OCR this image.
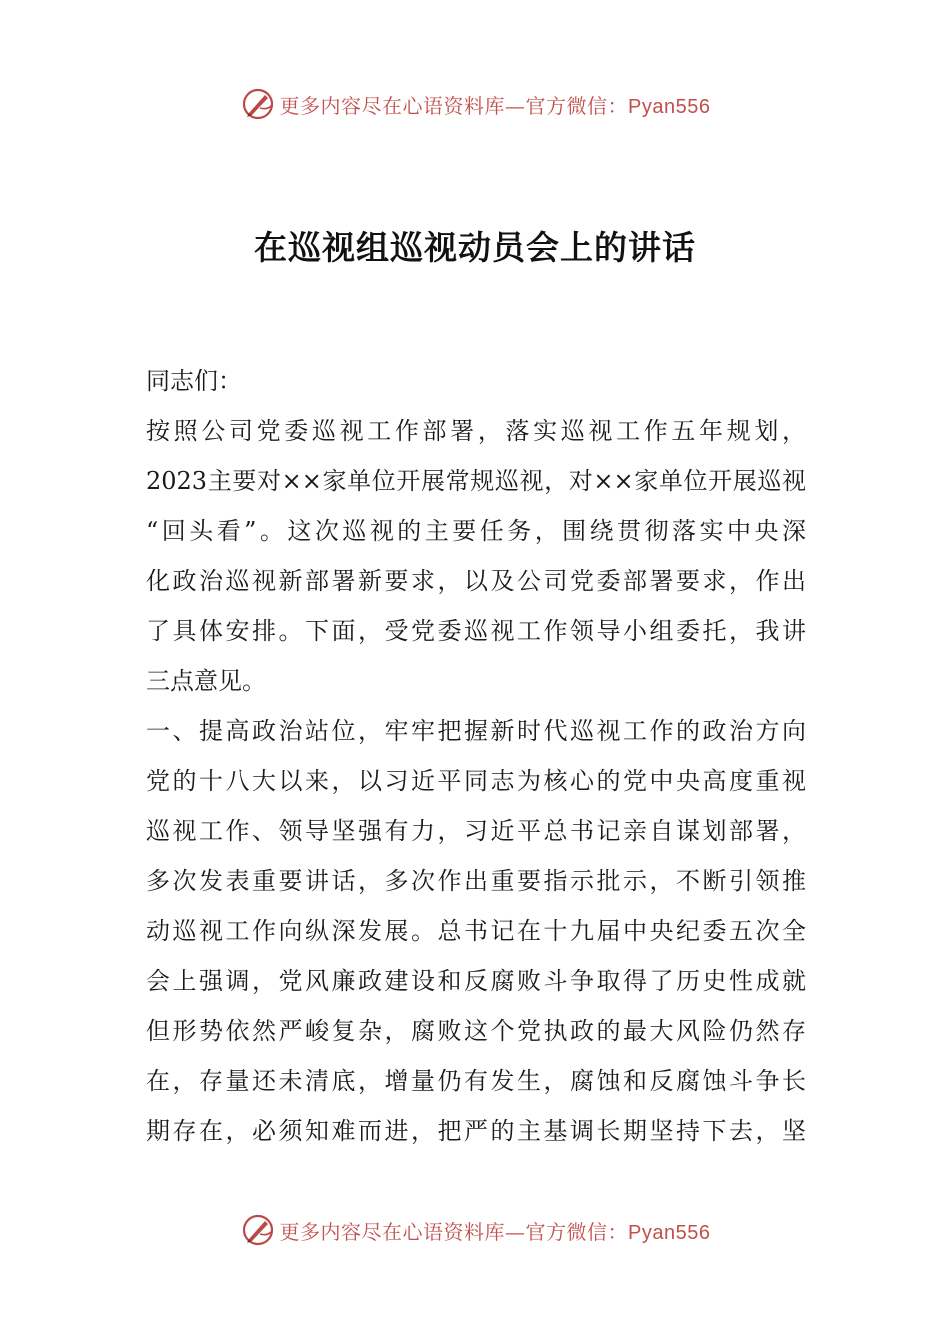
更多内容尽在心语资料库—官方微信：Pyan556
在巡视组巡视动员会上的讲话
同志们：
按照公司党委巡视工作部署，落实巡视工作五年规划，
2023主要对××家单位开展常规巡视，对××家单位开展巡视
“回头看”。这次巡视的主要任务，围绕贯彻落实中央深
化政治巡视新部署新要求，以及公司党委部署要求，作出
了具体安排。下面，受党委巡视工作领导小组委托，我讲
三点意见。
一、提高政治站位，牢牢把握新时代巡视工作的政治方向
党的十八大以来，以习近平同志为核心的党中央高度重视
巡视工作、领导坚强有力，习近平总书记亲自谋划部署，
多次发表重要讲话，多次作出重要指示批示，不断引领推
动巡视工作向纵深发展。总书记在十九届中央纪委五次全
会上强调，党风廉政建设和反腐败斗争取得了历史性成就
但形势依然严峻复杂，腐败这个党执政的最大风险仍然存
在，存量还未清底，增量仍有发生，腐蚀和反腐蚀斗争长
期存在，必须知难而进，把严的主基调长期坚持下去，坚
更多内容尽在心语资料库—官方微信：Pyan556
